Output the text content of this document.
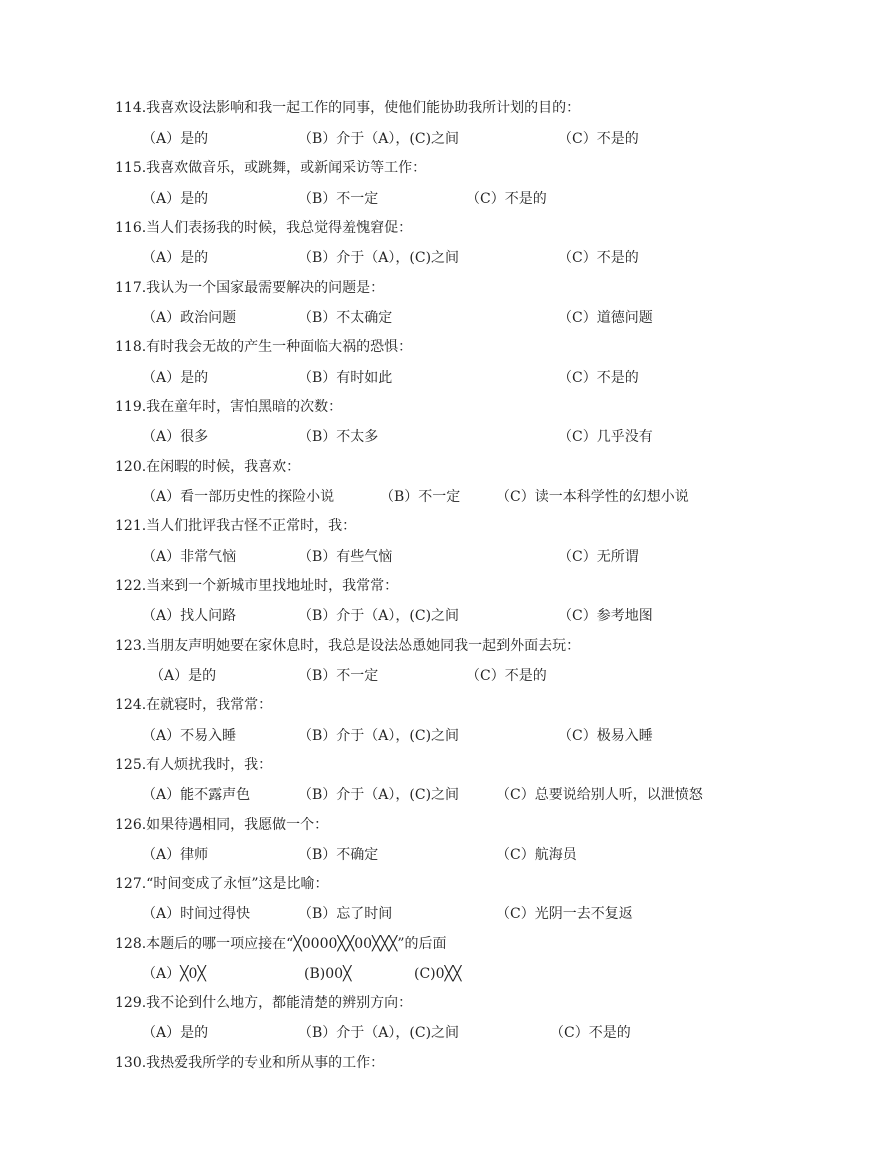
114.我喜欢设法影响和我一起工作的同事，使他们能协助我所计划的目的：
（A）是的	（B）介于（A），(C)之间	（C）不是的
115.我喜欢做音乐，或跳舞，或新闻采访等工作：
（A）是的	（B）不一定	（C）不是的
116.当人们表扬我的时候，我总觉得羞愧窘促：
（A）是的	（B）介于（A），(C)之间	（C）不是的
117.我认为一个国家最需要解决的问题是：
（A）政治问题	（B）不太确定	（C）道德问题
118.有时我会无故的产生一种面临大祸的恐惧：
（A）是的	（B）有时如此	（C）不是的
119.我在童年时，害怕黑暗的次数：
（A）很多	（B）不太多	（C）几乎没有
120.在闲暇的时候，我喜欢：
（A）看一部历史性的探险小说	（B）不一定	（C）读一本科学性的幻想小说
121.当人们批评我古怪不正常时，我：
（A）非常气恼	（B）有些气恼	（C）无所谓
122.当来到一个新城市里找地址时，我常常：
（A）找人问路	（B）介于（A），(C)之间	（C）参考地图
123.当朋友声明她要在家休息时，我总是设法怂恿她同我一起到外面去玩：
（A）是的	（B）不一定	（C）不是的
124.在就寝时，我常常：
（A）不易入睡	（B）介于（A），(C)之间	（C）极易入睡
125.有人烦扰我时，我：
（A）能不露声色	（B）介于（A），(C)之间	（C）总要说给别人听，以泄愤怒
126.如果待遇相同，我愿做一个：
（A）律师	（B）不确定	（C）航海员
127.“时间变成了永恒”这是比喻：
（A）时间过得快	（B）忘了时间	（C）光阴一去不复返
128.本题后的哪一项应接在“╳0000╳╳00╳╳╳”的后面
（A）╳0╳	(B)00╳	(C)0╳╳
129.我不论到什么地方，都能清楚的辨别方向：
（A）是的	（B）介于（A），(C)之间	（C）不是的
130.我热爱我所学的专业和所从事的工作：
